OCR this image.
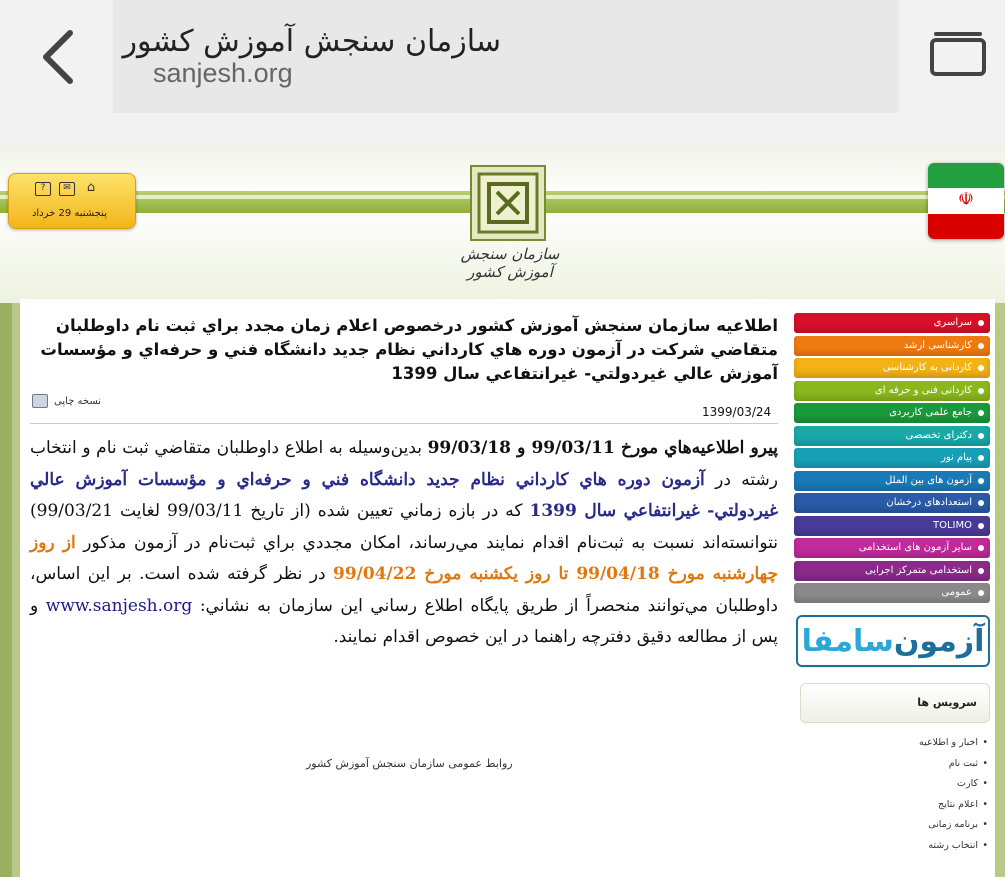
سازمان سنجش آموزش کشور
sanjesh.org
?	✉	⌂
پنجشنبه 29 خرداد
سازمان سنجش آموزش کشور
☫
اطلاعيه سازمان سنجش آموزش كشور درخصوص اعلام زمان مجدد براي ثبت نام داوطلبان متقاضي شركت در آزمون دوره هاي كارداني نظام جديد دانشگاه فني و حرفه‌اي و مؤسسات آموزش عالي غيردولتي- غيرانتفاعي سال 1399
نسخه چاپی
1399/03/24
پيرو اطلاعيه‌هاي مورخ 99/03/11 و 99/03/18 بدين‌وسيله به اطلاع داوطلبان متقاضي ثبت نام و انتخاب رشته در آزمون دوره هاي كارداني نظام جديد دانشگاه فني و حرفه‌اي و مؤسسات آموزش عالي غيردولتي- غيرانتفاعي سال 1399 كه در بازه زماني تعيين شده (از تاريخ 99/03/11 لغايت 99/03/21) نتوانسته‌اند نسبت به ثبت‌نام اقدام نمايند مي‌رساند، امكان مجددي براي ثبت‌نام در آزمون مذكور از روز چهارشنبه مورخ 99/04/18 تا روز يكشنبه مورخ 99/04/22 در نظر گرفته شده است. بر اين اساس، داوطلبان مي‌توانند منحصراً از طريق پايگاه اطلاع رساني اين سازمان به نشاني: www.sanjesh.org و پس از مطالعه دقيق دفترچه راهنما در اين خصوص اقدام نمايند.
روابط عمومی سازمان سنجش آموزش کشور
سراسری
کارشناسی ارشد
کاردانی به کارشناسی
کاردانی فنی و حرفه ای
جامع علمی کاربردی
دکترای تخصصی
پیام نور
آزمون های بین الملل
استعدادهای درخشان
TOLIMO
سایر آزمون های استخدامی
استخدامی متمرکز اجرایی
عمومی
آزمون
سامفا
سرویس ها
• اخبار و اطلاعیه
• ثبت نام
• کارت
• اعلام نتایج
• برنامه زمانی
• انتخاب رشته
